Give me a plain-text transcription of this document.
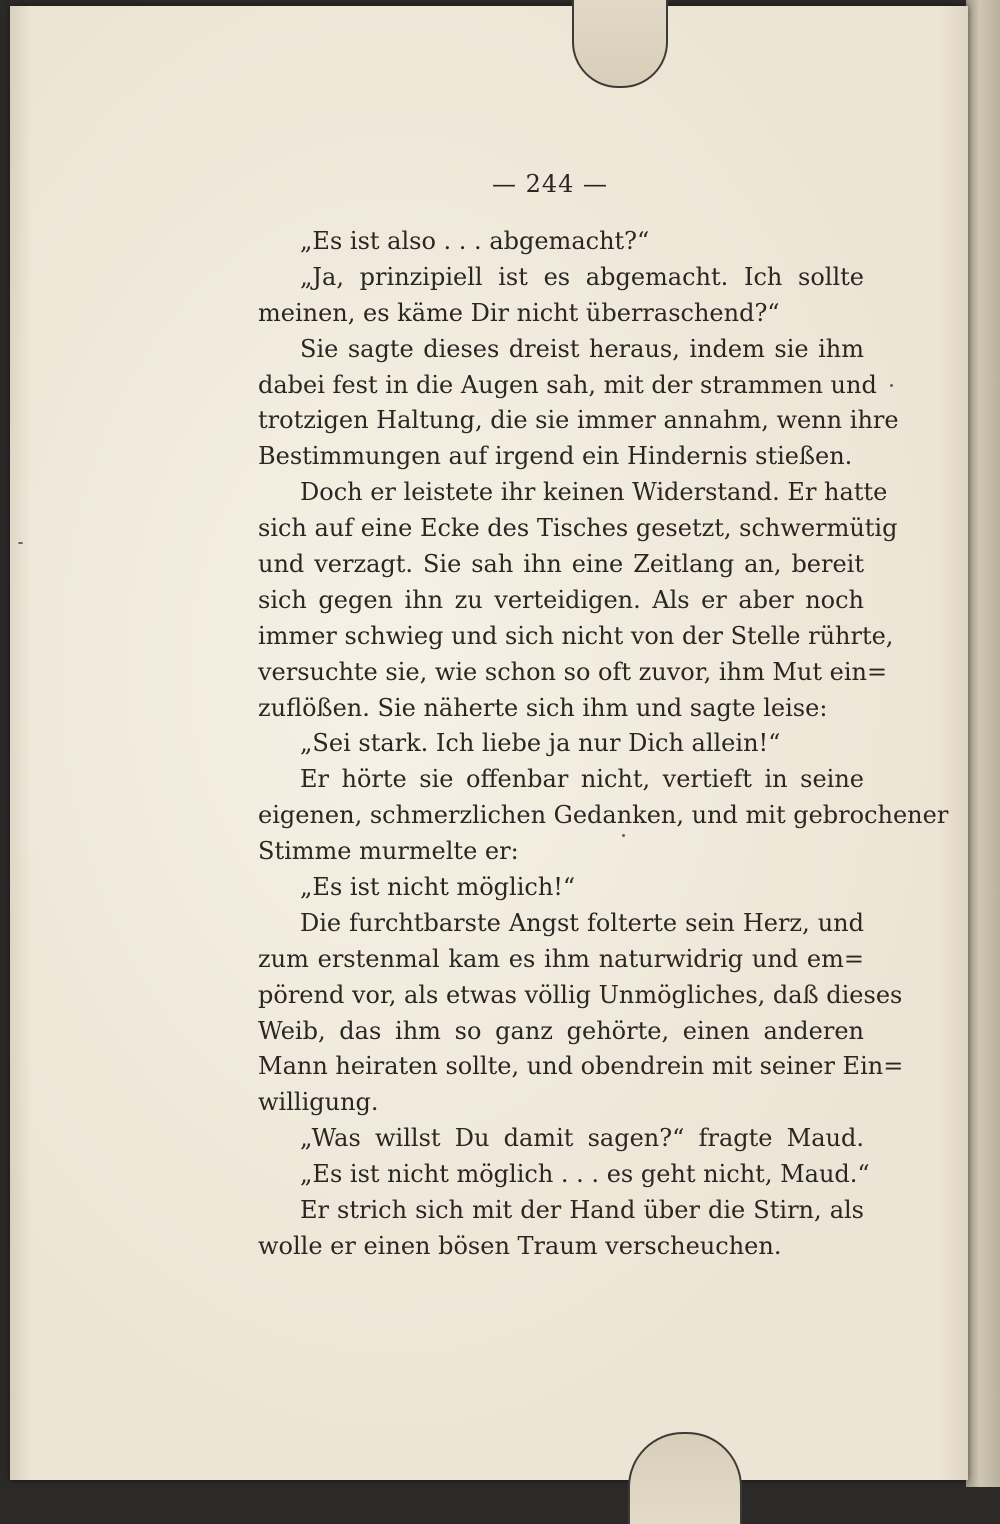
— 244 —
„Es ist also . . . abgemacht?“
„Ja, prinzipiell ist es abgemacht. Ich sollte
meinen, es käme Dir nicht überraschend?“
Sie sagte dieses dreist heraus, indem sie ihm
dabei fest in die Augen sah, mit der strammen und
trotzigen Haltung, die sie immer annahm, wenn ihre
Bestimmungen auf irgend ein Hindernis stießen.
Doch er leistete ihr keinen Widerstand. Er hatte
sich auf eine Ecke des Tisches gesetzt, schwermütig
und verzagt. Sie sah ihn eine Zeitlang an, bereit
sich gegen ihn zu verteidigen. Als er aber noch
immer schwieg und sich nicht von der Stelle rührte,
versuchte sie, wie schon so oft zuvor, ihm Mut ein=
zuflößen. Sie näherte sich ihm und sagte leise:
„Sei stark. Ich liebe ja nur Dich allein!“
Er hörte sie offenbar nicht, vertieft in seine
eigenen, schmerzlichen Gedanken, und mit gebrochener
Stimme murmelte er:
„Es ist nicht möglich!“
Die furchtbarste Angst folterte sein Herz, und
zum erstenmal kam es ihm naturwidrig und em=
pörend vor, als etwas völlig Unmögliches, daß dieses
Weib, das ihm so ganz gehörte, einen anderen
Mann heiraten sollte, und obendrein mit seiner Ein=
willigung.
„Was willst Du damit sagen?“ fragte Maud.
„Es ist nicht möglich . . . es geht nicht, Maud.“
Er strich sich mit der Hand über die Stirn, als
wolle er einen bösen Traum verscheuchen.
